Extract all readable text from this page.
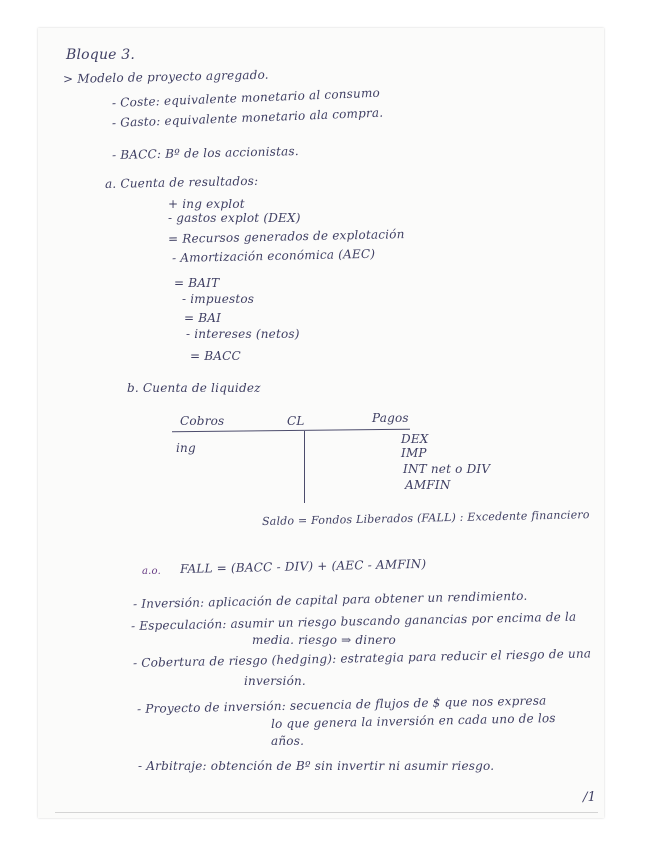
Bloque 3.
> Modelo de proyecto agregado.
- Coste: equivalente monetario al consumo
- Gasto: equivalente monetario ala compra.
- BACC: Bº de los accionistas.
a. Cuenta de resultados:
+ ing explot
- gastos explot (DEX)
= Recursos generados de explotación
- Amortización económica (AEC)
= BAIT
- impuestos
= BAI
- intereses (netos)
= BACC
b. Cuenta de liquidez
Cobros	CL	Pagos
ing
DEX
IMP
INT net o DIV
AMFIN
Saldo = Fondos Liberados (FALL) : Excedente financiero
a.o. FALL = (BACC - DIV) + (AEC - AMFIN)
- Inversión: aplicación de capital para obtener un rendimiento.
- Especulación: asumir un riesgo buscando ganancias por encima de la
media. riesgo ⇒ dinero
- Cobertura de riesgo (hedging): estrategia para reducir el riesgo de una
inversión.
- Proyecto de inversión: secuencia de flujos de $ que nos expresa
lo que genera la inversión en cada uno de los
años.
- Arbitraje: obtención de Bº sin invertir ni asumir riesgo.
/1
